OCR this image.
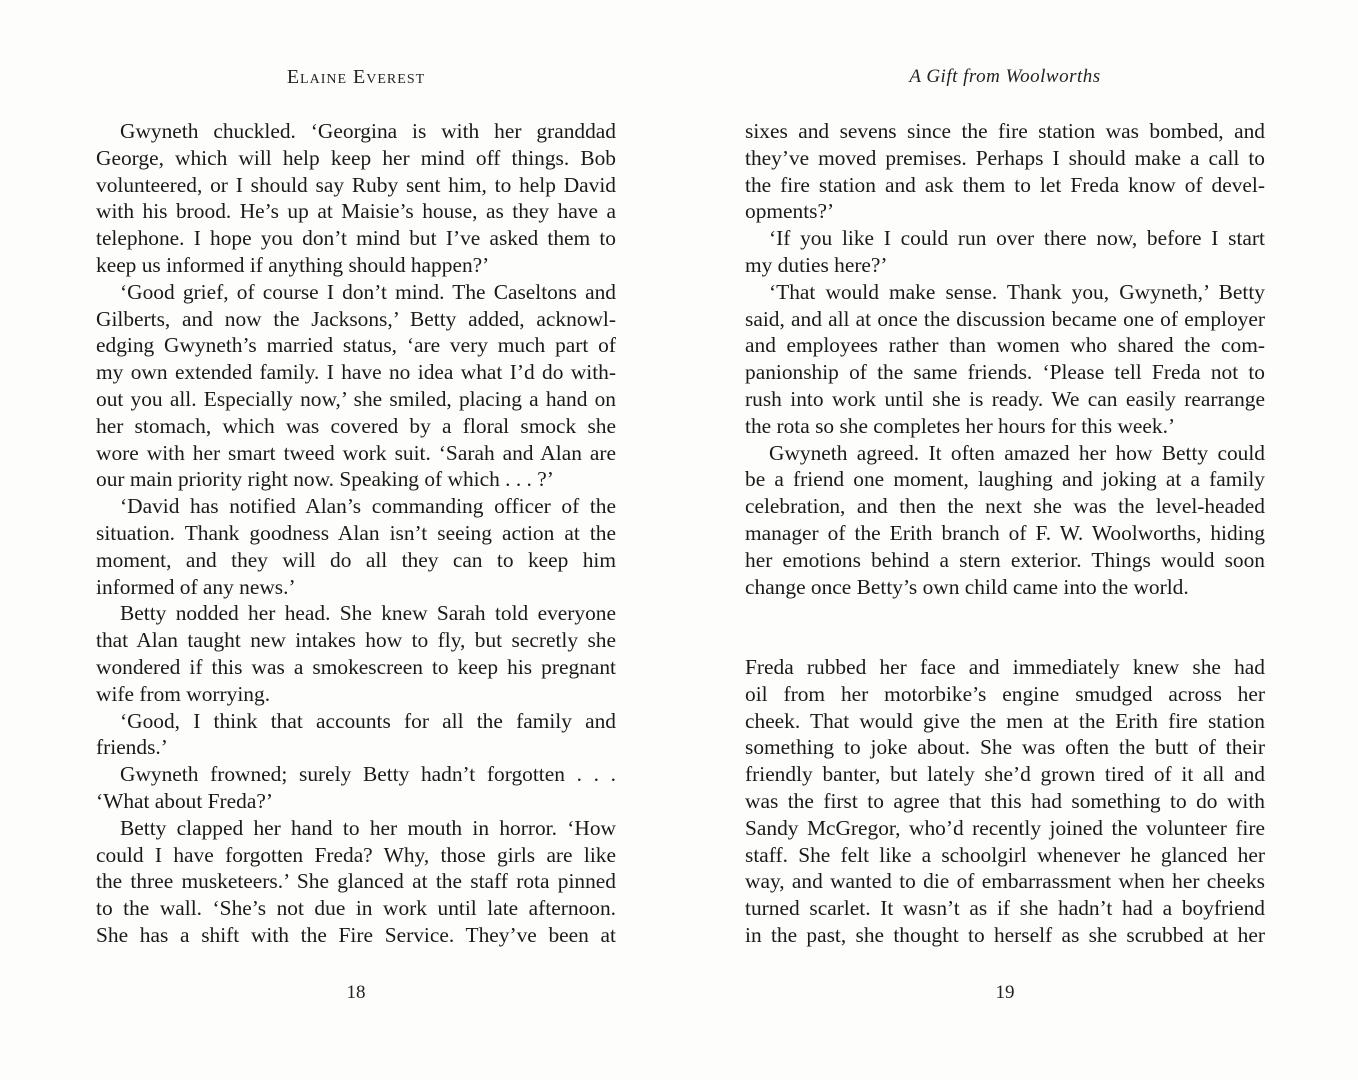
Elaine Everest
Gwyneth chuckled. ‘Georgina is with her granddad
George, which will help keep her mind off things. Bob
volunteered, or I should say Ruby sent him, to help David
with his brood. He’s up at Maisie’s house, as they have a
telephone. I hope you don’t mind but I’ve asked them to
keep us informed if anything should happen?’
‘Good grief, of course I don’t mind. The Caseltons and
Gilberts, and now the Jacksons,’ Betty added, acknowl-
edging Gwyneth’s married status, ‘are very much part of
my own extended family. I have no idea what I’d do with-
out you all. Especially now,’ she smiled, placing a hand on
her stomach, which was covered by a floral smock she
wore with her smart tweed work suit. ‘Sarah and Alan are
our main priority right now. Speaking of which . . . ?’
‘David has notified Alan’s commanding officer of the
situation. Thank goodness Alan isn’t seeing action at the
moment, and they will do all they can to keep him
informed of any news.’
Betty nodded her head. She knew Sarah told everyone
that Alan taught new intakes how to fly, but secretly she
wondered if this was a smokescreen to keep his pregnant
wife from worrying.
‘Good, I think that accounts for all the family and
friends.’
Gwyneth frowned; surely Betty hadn’t forgotten . . .
‘What about Freda?’
Betty clapped her hand to her mouth in horror. ‘How
could I have forgotten Freda? Why, those girls are like
the three musketeers.’ She glanced at the staff rota pinned
to the wall. ‘She’s not due in work until late afternoon.
She has a shift with the Fire Service. They’ve been at
18
A Gift from Woolworths
sixes and sevens since the fire station was bombed, and
they’ve moved premises. Perhaps I should make a call to
the fire station and ask them to let Freda know of devel-
opments?’
‘If you like I could run over there now, before I start
my duties here?’
‘That would make sense. Thank you, Gwyneth,’ Betty
said, and all at once the discussion became one of employer
and employees rather than women who shared the com-
panionship of the same friends. ‘Please tell Freda not to
rush into work until she is ready. We can easily rearrange
the rota so she completes her hours for this week.’
Gwyneth agreed. It often amazed her how Betty could
be a friend one moment, laughing and joking at a family
celebration, and then the next she was the level-headed
manager of the Erith branch of F. W. Woolworths, hiding
her emotions behind a stern exterior. Things would soon
change once Betty’s own child came into the world.
Freda rubbed her face and immediately knew she had
oil from her motorbike’s engine smudged across her
cheek. That would give the men at the Erith fire station
something to joke about. She was often the butt of their
friendly banter, but lately she’d grown tired of it all and
was the first to agree that this had something to do with
Sandy McGregor, who’d recently joined the volunteer fire
staff. She felt like a schoolgirl whenever he glanced her
way, and wanted to die of embarrassment when her cheeks
turned scarlet. It wasn’t as if she hadn’t had a boyfriend
in the past, she thought to herself as she scrubbed at her
19
